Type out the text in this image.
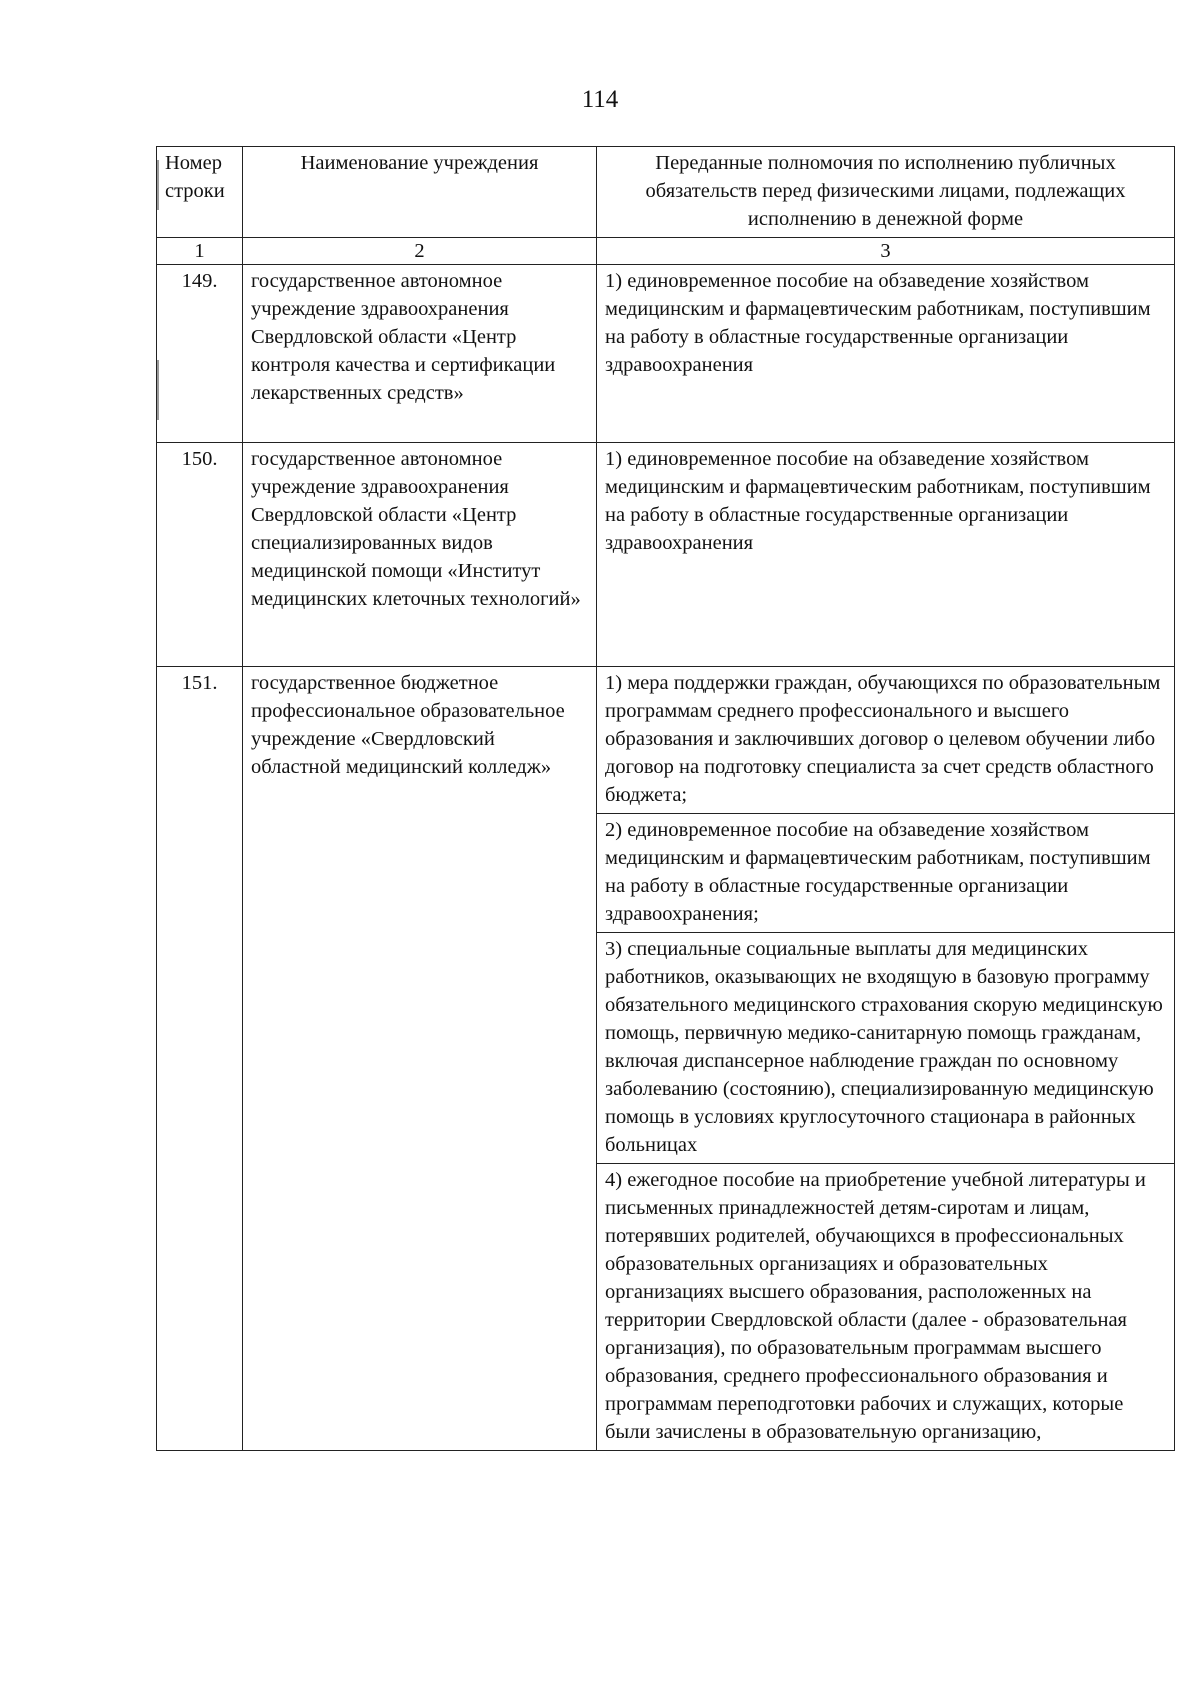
114
Номер строки	Наименование учреждения	Переданные полномочия по исполнению публичных обязательств перед физическими лицами, подлежащих исполнению в денежной форме
1	2	3
149.	государственное автономное учреждение здравоохранения Свердловской области «Центр контроля качества и сертификации лекарственных средств»	1) единовременное пособие на обзаведение хозяйством медицинским и фармацевтическим работникам, поступившим на работу в областные государственные организации здравоохранения
150.	государственное автономное учреждение здравоохранения Свердловской области «Центр специализированных видов медицинской помощи «Институт медицинских клеточных технологий»	1) единовременное пособие на обзаведение хозяйством медицинским и фармацевтическим работникам, поступившим на работу в областные государственные организации здравоохранения
151.	государственное бюджетное профессиональное образовательное учреждение «Свердловский областной медицинский колледж»	1) мера поддержки граждан, обучающихся по образовательным программам среднего профессионального и высшего образования и заключивших договор о целевом обучении либо договор на подготовку специалиста за счет средств областного бюджета;
2) единовременное пособие на обзаведение хозяйством медицинским и фармацевтическим работникам, поступившим на работу в областные государственные организации здравоохранения;
3) специальные социальные выплаты для медицинских работников, оказывающих не входящую в базовую программу обязательного медицинского страхования скорую медицинскую помощь, первичную медико-санитарную помощь гражданам, включая диспансерное наблюдение граждан по основному заболеванию (состоянию), специализированную медицинскую помощь в условиях круглосуточного стационара в районных больницах
4) ежегодное пособие на приобретение учебной литературы и письменных принадлежностей детям-сиротам и лицам, потерявших родителей, обучающихся в профессиональных образовательных организациях и образовательных организациях высшего образования, расположенных на территории Свердловской области (далее - образовательная организация), по образовательным программам высшего образования, среднего профессионального образования и программам переподготовки рабочих и служащих, которые были зачислены в образовательную организацию,
